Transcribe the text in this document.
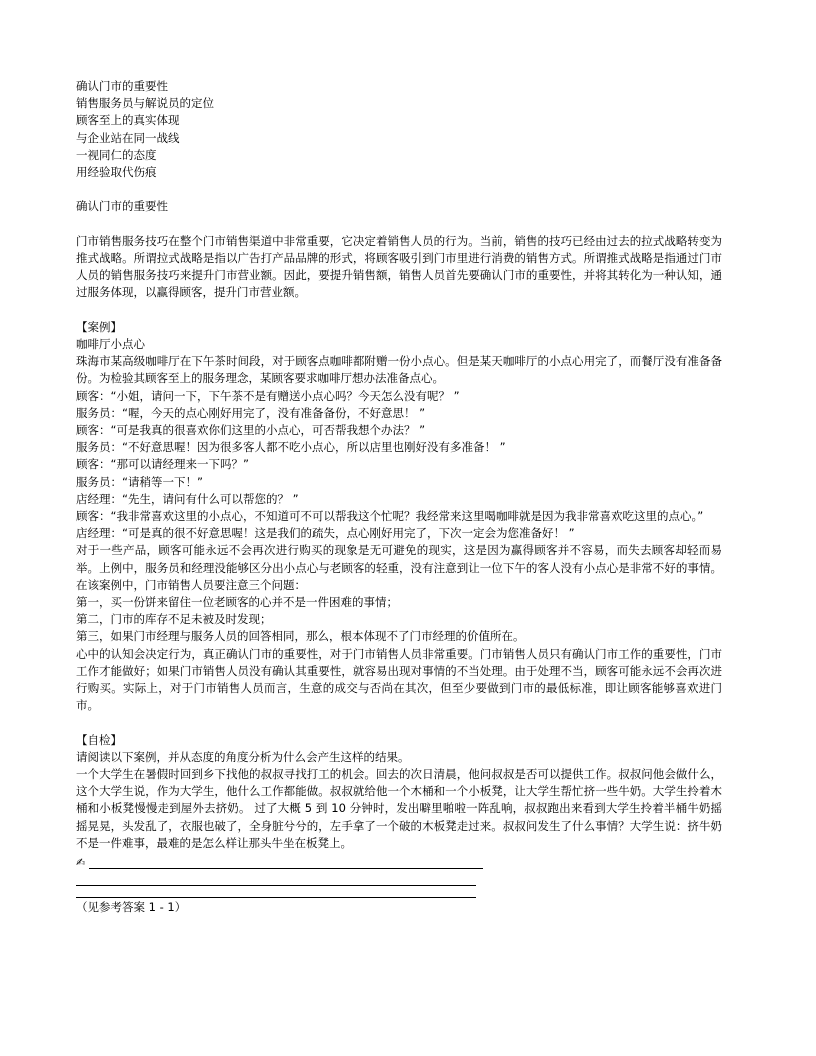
确认门市的重要性
销售服务员与解说员的定位
顾客至上的真实体现
与企业站在同一战线
一视同仁的态度
用经验取代伤痕
确认门市的重要性

门市销售服务技巧在整个门市销售渠道中非常重要，它决定着销售人员的行为。当前，销售的技巧已经由过去的拉式战略转变为推式战略。所谓拉式战略是指以广告打产品品牌的形式，将顾客吸引到门市里进行消费的销售方式。所谓推式战略是指通过门市人员的销售服务技巧来提升门市营业额。因此，要提升销售额，销售人员首先要确认门市的重要性，并将其转化为一种认知，通过服务体现，以赢得顾客，提升门市营业额。

【案例】
咖啡厅小点心

珠海市某高级咖啡厅在下午茶时间段，对于顾客点咖啡都附赠一份小点心。但是某天咖啡厅的小点心用完了，而餐厅没有准备备份。为检验其顾客至上的服务理念，某顾客要求咖啡厅想办法准备点心。

顾客：“小姐，请问一下，下午茶不是有赠送小点心吗？今天怎么没有呢？ ”

服务员：“喔，今天的点心刚好用完了，没有准备备份，不好意思！ ”

顾客：“可是我真的很喜欢你们这里的小点心，可否帮我想个办法？ ”

服务员：“不好意思喔！因为很多客人都不吃小点心，所以店里也刚好没有多准备！ ”

顾客：“那可以请经理来一下吗？”

服务员：“请稍等一下！”

店经理：“先生，请问有什么可以帮您的？ ”

顾客：“我非常喜欢这里的小点心，不知道可不可以帮我这个忙呢？我经常来这里喝咖啡就是因为我非常喜欢吃这里的点心。”

店经理：“可是真的很不好意思喔！这是我们的疏失，点心刚好用完了，下次一定会为您准备好！ ”

对于一些产品，顾客可能永远不会再次进行购买的现象是无可避免的现实，这是因为赢得顾客并不容易，而失去顾客却轻而易举。上例中，服务员和经理没能够区分出小点心与老顾客的轻重，没有注意到让一位下午的客人没有小点心是非常不好的事情。在该案例中，门市销售人员要注意三个问题：

第一，买一份饼来留住一位老顾客的心并不是一件困难的事情；

第二，门市的库存不足未被及时发现；

第三，如果门市经理与服务人员的回答相同，那么，根本体现不了门市经理的价值所在。

心中的认知会决定行为，真正确认门市的重要性，对于门市销售人员非常重要。门市销售人员只有确认门市工作的重要性，门市工作才能做好；如果门市销售人员没有确认其重要性，就容易出现对事情的不当处理。由于处理不当，顾客可能永远不会再次进行购买。实际上，对于门市销售人员而言，生意的成交与否尚在其次，但至少要做到门市的最低标准，即让顾客能够喜欢进门市。

【自检】
请阅读以下案例，并从态度的角度分析为什么会产生这样的结果。

一个大学生在暑假时回到乡下找他的叔叔寻找打工的机会。回去的次日清晨，他问叔叔是否可以提供工作。叔叔问他会做什么，这个大学生说，作为大学生，他什么工作都能做。叔叔就给他一个木桶和一个小板凳，让大学生帮忙挤一些牛奶。大学生拎着木桶和小板凳慢慢走到屋外去挤奶。 过了大概 5 到 10 分钟时，发出噼里啪啦一阵乱响，叔叔跑出来看到大学生拎着半桶牛奶摇摇晃晃，头发乱了，衣服也破了，全身脏兮兮的，左手拿了一个破的木板凳走过来。叔叔问发生了什么事情？大学生说：挤牛奶不是一件难事，最难的是怎么样让那头牛坐在板凳上。

✍
（见参考答案 1 - 1）
